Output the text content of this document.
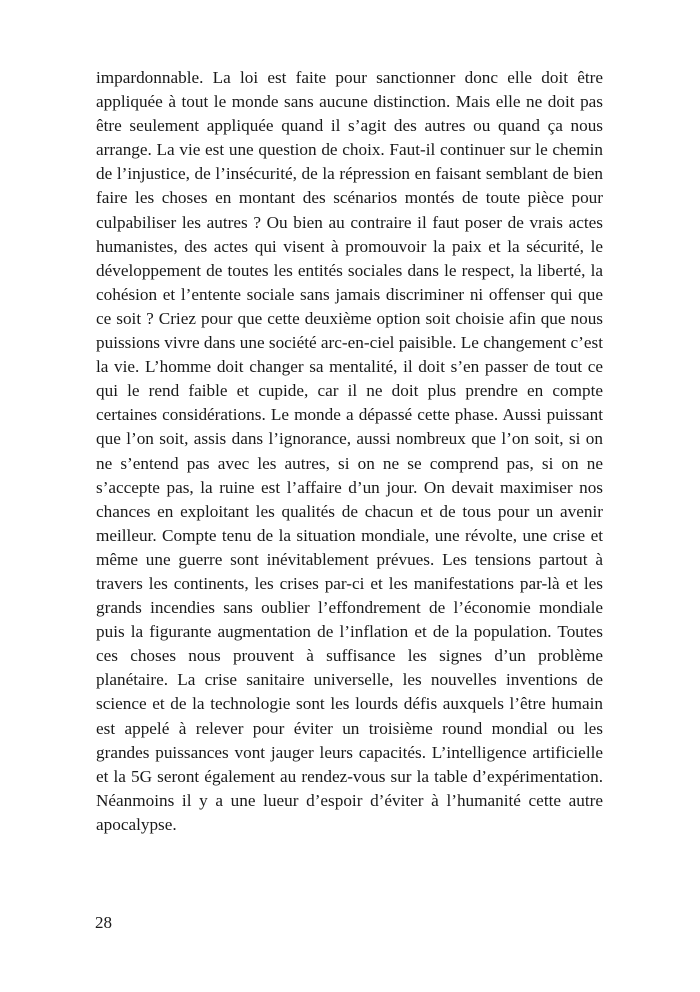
impardonnable. La loi est faite pour sanctionner donc elle doit être appliquée à tout le monde sans aucune distinction. Mais elle ne doit pas être seulement appliquée quand il s’agit des autres ou quand ça nous arrange. La vie est une question de choix. Faut-il continuer sur le chemin de l’injustice, de l’insécurité, de la répression en faisant semblant de bien faire les choses en montant des scénarios montés de toute pièce pour culpabiliser les autres ? Ou bien au contraire il faut poser de vrais actes humanistes, des actes qui visent à promouvoir la paix et la sécurité, le développement de toutes les entités sociales dans le respect, la liberté, la cohésion et l’entente sociale sans jamais discriminer ni offenser qui que ce soit ? Criez pour que cette deuxième option soit choisie afin que nous puissions vivre dans une société arc-en-ciel paisible. Le changement c’est la vie. L’homme doit changer sa mentalité, il doit s’en passer de tout ce qui le rend faible et cupide, car il ne doit plus prendre en compte certaines considérations. Le monde a dépassé cette phase. Aussi puissant que l’on soit, assis dans l’ignorance, aussi nombreux que l’on soit, si on ne s’entend pas avec les autres, si on ne se comprend pas, si on ne s’accepte pas, la ruine est l’affaire d’un jour. On devait maximiser nos chances en exploitant les qualités de chacun et de tous pour un avenir meilleur. Compte tenu de la situation mondiale, une révolte, une crise et même une guerre sont inévitablement prévues. Les tensions partout à travers les continents, les crises par-ci et les manifestations par-là et les grands incendies sans oublier l’effondrement de l’économie mondiale puis la figurante augmentation de l’inflation et de la population. Toutes ces choses nous prouvent à suffisance les signes d’un problème planétaire. La crise sanitaire universelle, les nouvelles inventions de science et de la technologie sont les lourds défis auxquels l’être humain est appelé à relever pour éviter un troisième round mondial ou les grandes puissances vont jauger leurs capacités. L’intelligence artificielle et la 5G seront également au rendez-vous sur la table d’expérimentation. Néanmoins il y a une lueur d’espoir d’éviter à l’humanité cette autre apocalypse.

28
